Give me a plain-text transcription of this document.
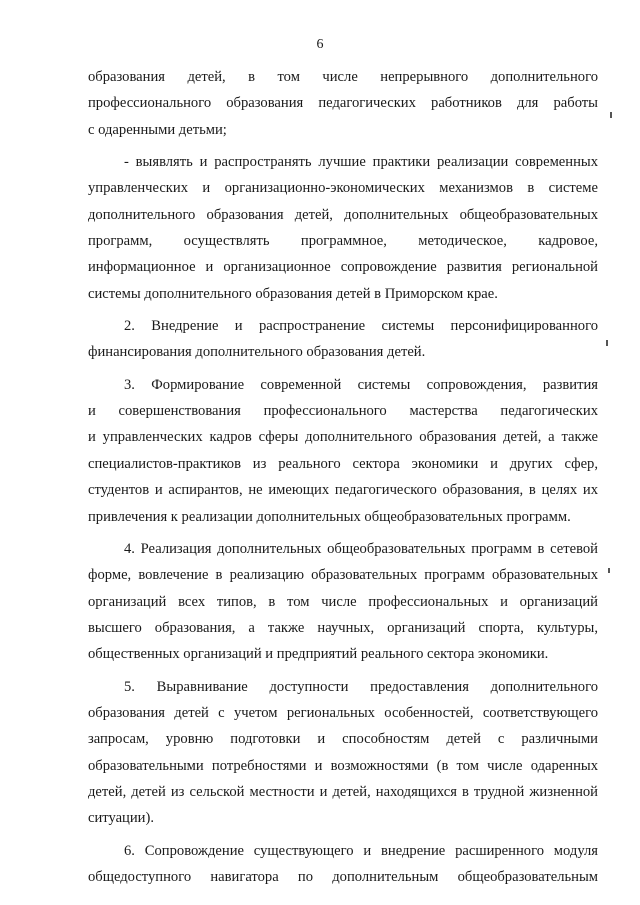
6
образования детей, в том числе непрерывного дополнительного
профессионального образования педагогических работников для работы
с одаренными детьми;
- выявлять и распространять лучшие практики реализации современных
управленческих и организационно-экономических механизмов в системе
дополнительного образования детей, дополнительных общеобразовательных
программ, осуществлять программное, методическое, кадровое,
информационное и организационное сопровождение развития региональной
системы дополнительного образования детей в Приморском крае.
2. Внедрение и распространение системы персонифицированного
финансирования дополнительного образования детей.
3. Формирование современной системы сопровождения, развития
и совершенствования профессионального мастерства педагогических
и управленческих кадров сферы дополнительного образования детей, а также
специалистов-практиков из реального сектора экономики и других сфер,
студентов и аспирантов, не имеющих педагогического образования, в целях их
привлечения к реализации дополнительных общеобразовательных программ.
4. Реализация дополнительных общеобразовательных программ в сетевой
форме, вовлечение в реализацию образовательных программ образовательных
организаций всех типов, в том числе профессиональных и организаций
высшего образования, а также научных, организаций спорта, культуры,
общественных организаций и предприятий реального сектора экономики.
5. Выравнивание доступности предоставления дополнительного
образования детей с учетом региональных особенностей, соответствующего
запросам, уровню подготовки и способностям детей с различными
образовательными потребностями и возможностями (в том числе одаренных
детей, детей из сельской местности и детей, находящихся в трудной жизненной
ситуации).
6. Сопровождение существующего и внедрение расширенного модуля
общедоступного навигатора по дополнительным общеобразовательным
